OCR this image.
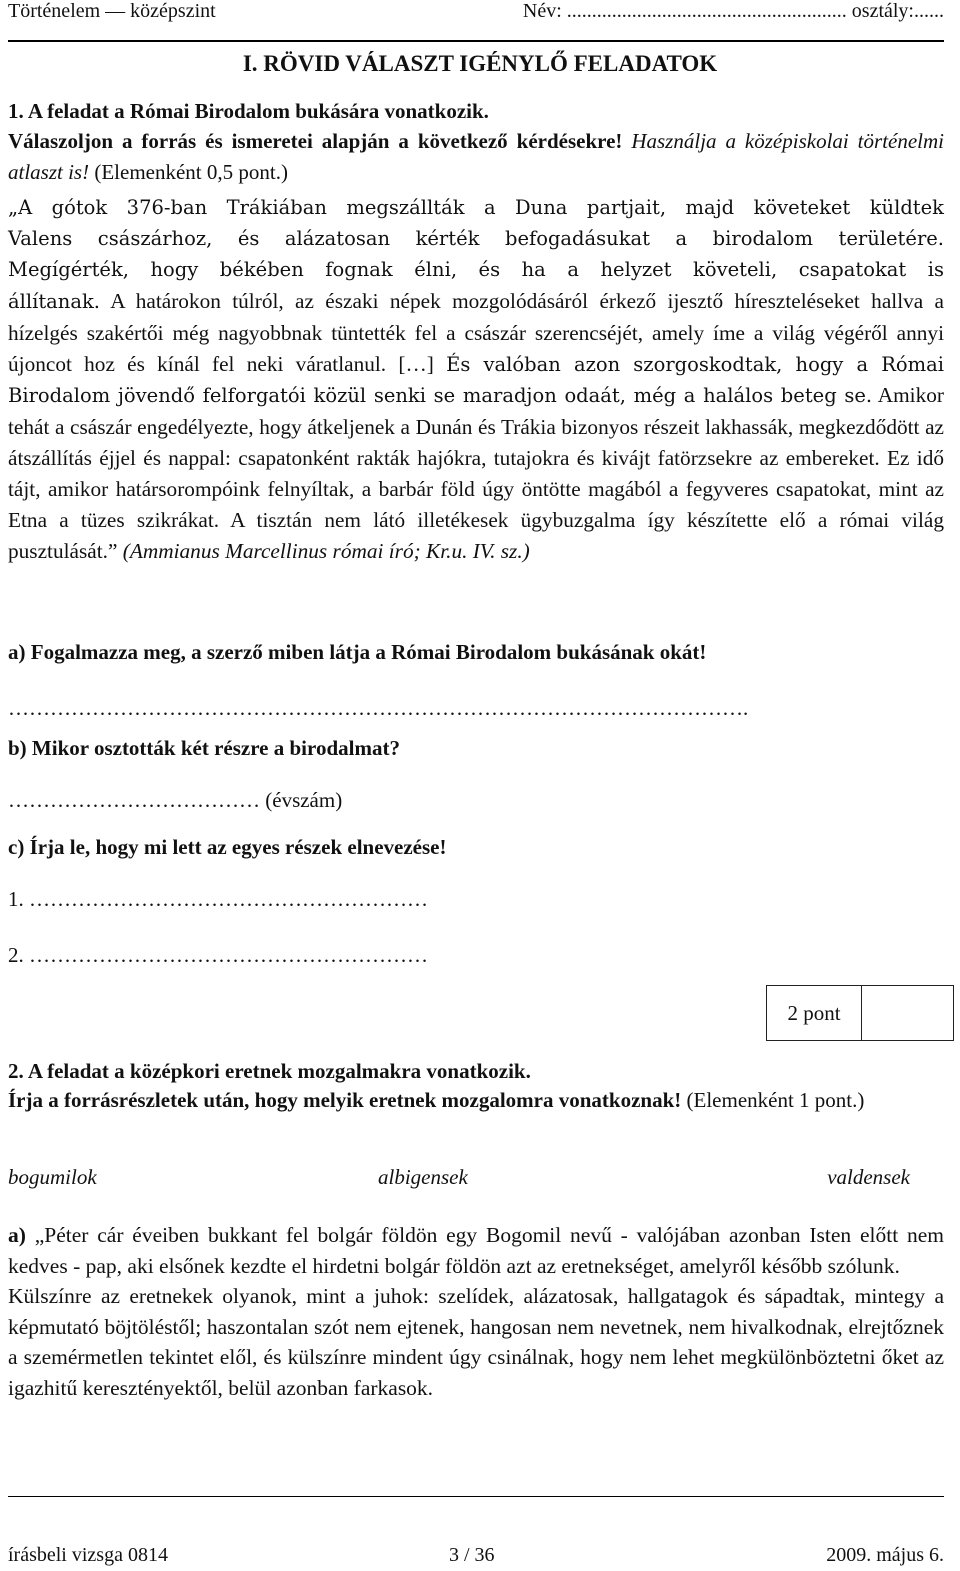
Történelem — középszint	Név: ........................................................ osztály:......
I. RÖVID VÁLASZT IGÉNYLŐ FELADATOK
1. A feladat a Római Birodalom bukására vonatkozik.
Válaszoljon a forrás és ismeretei alapján a következő kérdésekre! Használja a középiskolai történelmi atlaszt is! (Elemenként 0,5 pont.)
„A gótok 376-ban Trákiában megszállták a Duna partjait, majd követeket küldtek
Valens császárhoz, és alázatosan kérték befogadásukat a birodalom területére.
Megígérték, hogy békében fognak élni, és ha a helyzet követeli, csapatokat is
állítanak. A határokon túlról, az északi népek mozgolódásáról érkező ijesztő híreszteléseket hallva a hízelgés szakértői még nagyobbnak tüntették fel a császár szerencséjét, amely íme a világ végéről annyi újoncot hoz és kínál fel neki váratlanul. […] És valóban azon szorgoskodtak, hogy a Római Birodalom jövendő felforgatói közül senki se maradjon odaát, még a halálos beteg se. Amikor tehát a császár engedélyezte, hogy átkeljenek a Dunán és Trákia bizonyos részeit lakhassák, megkezdődött az átszállítás éjjel és nappal: csapatonként rakták hajókra, tutajokra és kivájt fatörzsekre az embereket. Ez idő tájt, amikor határsorompóink felnyíltak, a barbár föld úgy öntötte magából a fegyveres csapatokat, mint az Etna a tüzes szikrákat. A tisztán nem látó illetékesek ügybuzgalma így készítette elő a római világ pusztulását.” (Ammianus Marcellinus római író; Kr.u. IV. sz.)
a) Fogalmazza meg, a szerző miben látja a Római Birodalom bukásának okát!
…………………………………………………………………………………………….
b) Mikor osztották két részre a birodalmat?
……………………………… (évszám)
c) Írja le, hogy mi lett az egyes részek elnevezése!
1. …………………………………………………
2. …………………………………………………
2 pont
2. A feladat a középkori eretnek mozgalmakra vonatkozik.
Írja a forrásrészletek után, hogy melyik eretnek mozgalomra vonatkoznak! (Elemenként 1 pont.)
bogumilok	albigensek	valdensek

a) „Péter cár éveiben bukkant fel bolgár földön egy Bogomil nevű - valójában azonban Isten előtt nem kedves - pap, aki elsőnek kezdte el hirdetni bolgár földön azt az eretnekséget, amelyről később szólunk.

Külszínre az eretnekek olyanok, mint a juhok: szelídek, alázatosak, hallgatagok és sápadtak, mintegy a képmutató böjtöléstől; haszontalan szót nem ejtenek, hangosan nem nevetnek, nem hivalkodnak, elrejtőznek a szemérmetlen tekintet elől, és külszínre mindent úgy csinálnak, hogy nem lehet megkülönböztetni őket az igazhitű keresztényektől, belül azonban farkasok.

írásbeli vizsga 0814	3 / 36	2009. május 6.
